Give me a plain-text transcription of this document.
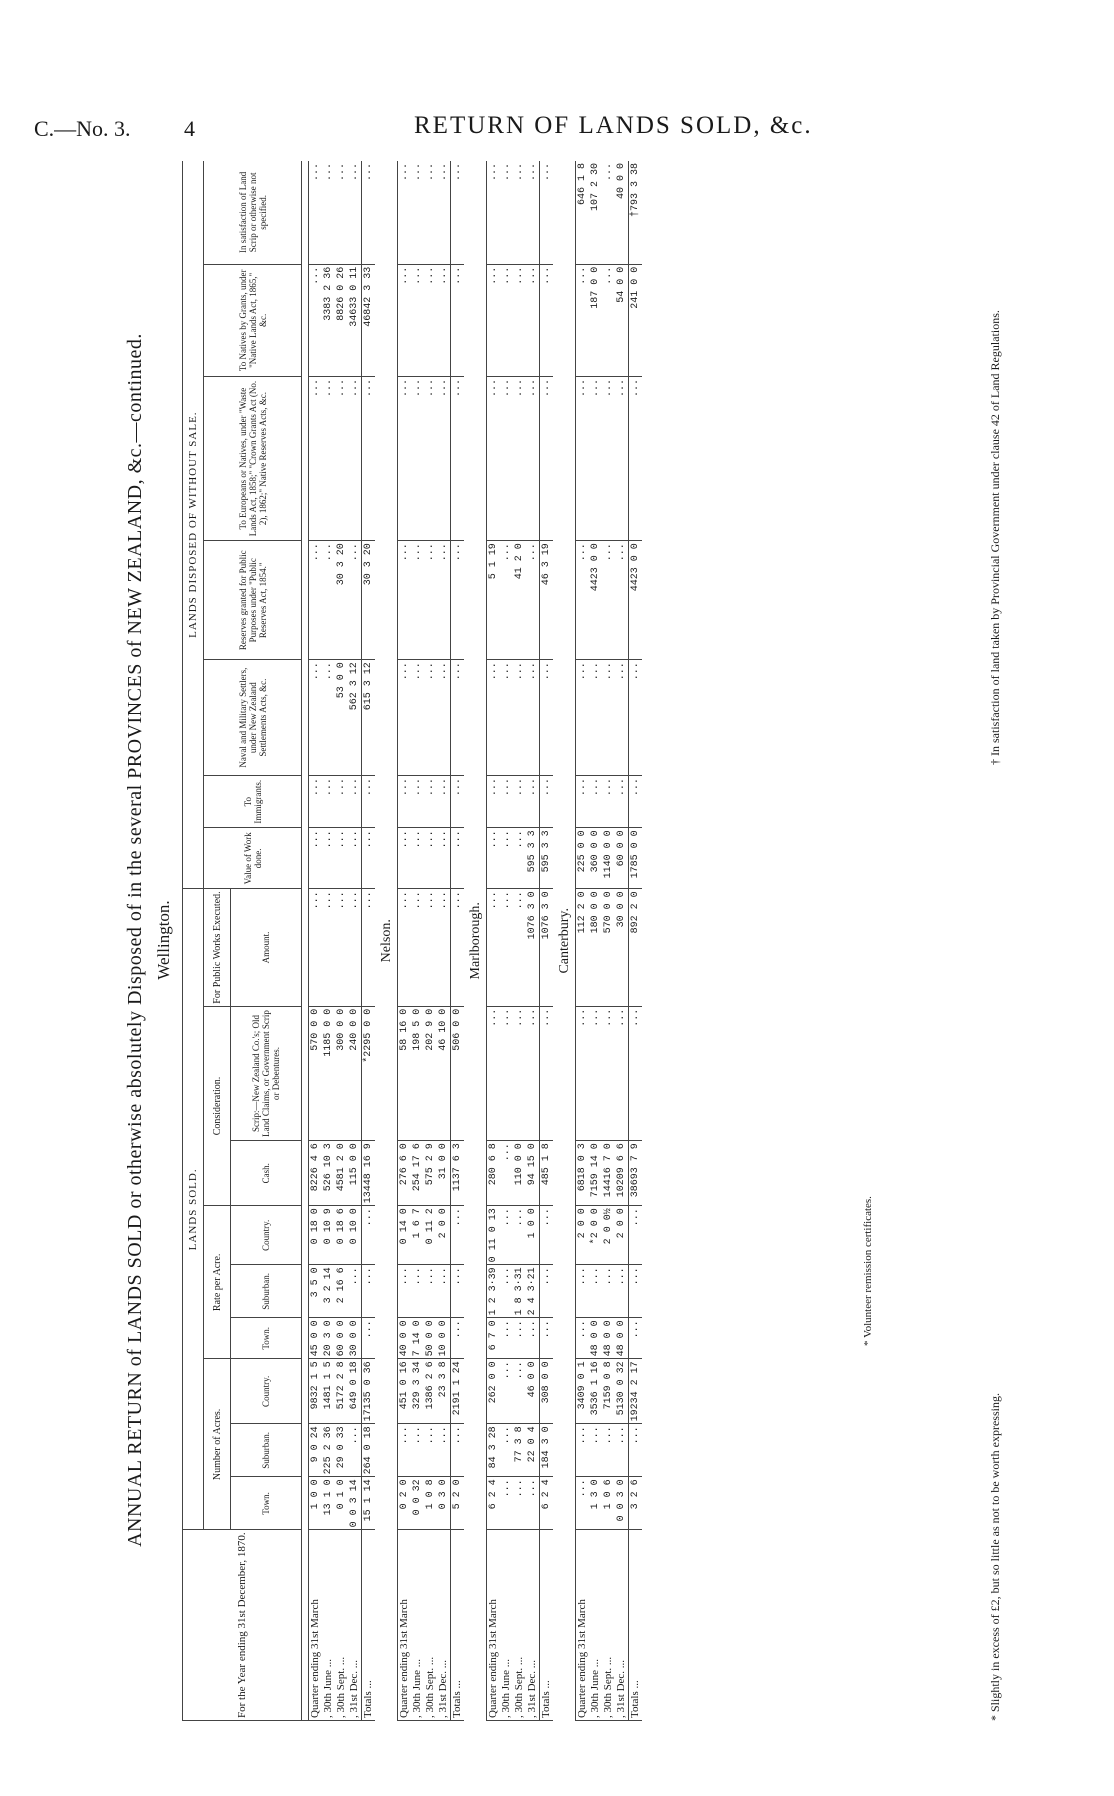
C.—No. 3. 4	RETURN OF LANDS SOLD, &c.
ANNUAL RETURN of LANDS SOLD or otherwise absolutely Disposed of in the several PROVINCES of NEW ZEALAND, &c.—continued. Wellington.
For the Year ending 31st December, 1870.	LANDS SOLD.									LANDS DISPOSED OF WITHOUT SALE.						
	Number of Acres.			Rate per Acre.			Consideration.		For Public Works Executed.	Value of Work done.	To Immigrants.	Naval and Military Settlers, under New Zealand Settlements Acts, &c.	Reserves granted for Public Purposes under "Public Reserves Act, 1854."	To Europeans or Natives, under "Waste Lands Act, 1858;" "Crown Grants Act (No. 2), 1862;" Native Reserves Acts, &c.	To Natives by Grants, under "Native Lands Act, 1865," &c.	In satisfaction of Land Scrip or otherwise not specified.
	Town.	Suburban.	Country.	Town.	Suburban.	Country.	Cash.	Scrip:—New Zealand Co.'s; Old Land Claims, or Government Scrip or Debentures.	Amount.							

Quarter ending 31st March	1 0 0	9 0 24	9832 1 5	45 0 0	3 5 0	0 18 0	8226 4 6	570 0 0	...	...	...	...	...	...	...	...
, 30th June ...	13 1 0	225 2 36	1481 1 5	20 3 0	3 2 14	0 10 9	526 10 3	1185 0 0	...	...	...	...	...	...	3383 2 36	...
, 30th Sept. ...	0 1 0	29 0 33	5172 2 8	60 0 0	2 16 6	0 18 6	4581 2 0	300 0 0	...	...	...	53 0 0	30 3 20	...	8826 0 26	...
, 31st Dec. ...	0 0 3 14	...	649 0 18	30 0 0	...	0 10 0	115 0 0	240 0 0	...	...	...	562 3 12	...	...	34633 0 11	...
Totals ...	15 1 14	264 0 18	17135 0 36	...	...	...	13448 16 9	*2295 0 0	...	...	...	615 3 12	30 3 20	...	46842 3 33	...
Nelson.																
Quarter ending 31st March	0 2 0	...	451 0 16	40 0 0	...	0 14 0	276 6 0	58 16 0	...	...	...	...	...	...	...	...
, 30th June ...	0 0 32	...	329 3 34	7 14 0	...	1 6 7	254 17 6	198 5 0	...	...	...	...	...	...	...	...
, 30th Sept. ...	1 0 8	...	1386 2 6	50 0 0	...	0 11 2	575 2 9	202 9 0	...	...	...	...	...	...	...	...
, 31st Dec. ...	0 3 0	...	23 3 8	10 0 0	...	2 0 0	31 0 0	46 10 0	...	...	...	...	...	...	...	...
Totals ...	5 2 0	...	2191 1 24	...	...	...	1137 6 3	506 0 0	...	...	...	...	...	...	...	...
Marlborough.																
Quarter ending 31st March	6 2 4	84 3 28	262 0 0	6 7 0	1 2 3·39	0 11 0 13	280 6 8	...	...	...	...	...	5 1 19	...	...	...
, 30th June ...	...	...	...	...	...	...	...	...	...	...	...	...	...	...	...	...
, 30th Sept. ...	...	77 3 8	...	...	1 8 3·31	...	110 0 0	...	...	...	...	...	41 2 0	...	...	...
, 31st Dec. ...	...	22 0 4	46 0 0	...	2 4 3·21	1 0 0	94 15 0	...	1076 3 0	595 3 3	...	...	...	...	...	...
Totals ...	6 2 4	184 3 0	308 0 0	...	...	...	485 1 8	...	1076 3 0	595 3 3	...	...	46 3 19	...	...	...
Canterbury.																
Quarter ending 31st March	...	...	3409 0 1	...	...	2 0 0	6818 0 3	...	112 2 0	225 0 0	...	...	...	...	...	646 1 8
, 30th June ...	1 3 0	...	3536 1 16	48 0 0	...	*2 0 0	7159 14 0	...	180 0 0	360 0 0	...	...	4423 0 0	...	187 0 0	107 2 30
, 30th Sept. ...	1 0 6	...	7159 0 8	48 0 0	...	2 0 0½	14416 7 0	...	570 0 0	1140 0 0	...	...	...	...	...	...
, 31st Dec. ...	0 0 3 0	...	5130 0 32	48 0 0	...	2 0 0	10209 6 6	...	30 0 0	60 0 0	...	...	...	...	54 0 0	40 0 0
Totals ...	3 2 6	...	19234 2 17	...	...	...	38693 7 9	...	892 2 0	1785 0 0	...	...	4423 0 0	...	241 0 0	†793 3 38
* Volunteer remission certificates.
* Slightly in excess of £2, but so little as not to be worth expressing.
† In satisfaction of land taken by Provincial Government under clause 42 of Land Regulations.
